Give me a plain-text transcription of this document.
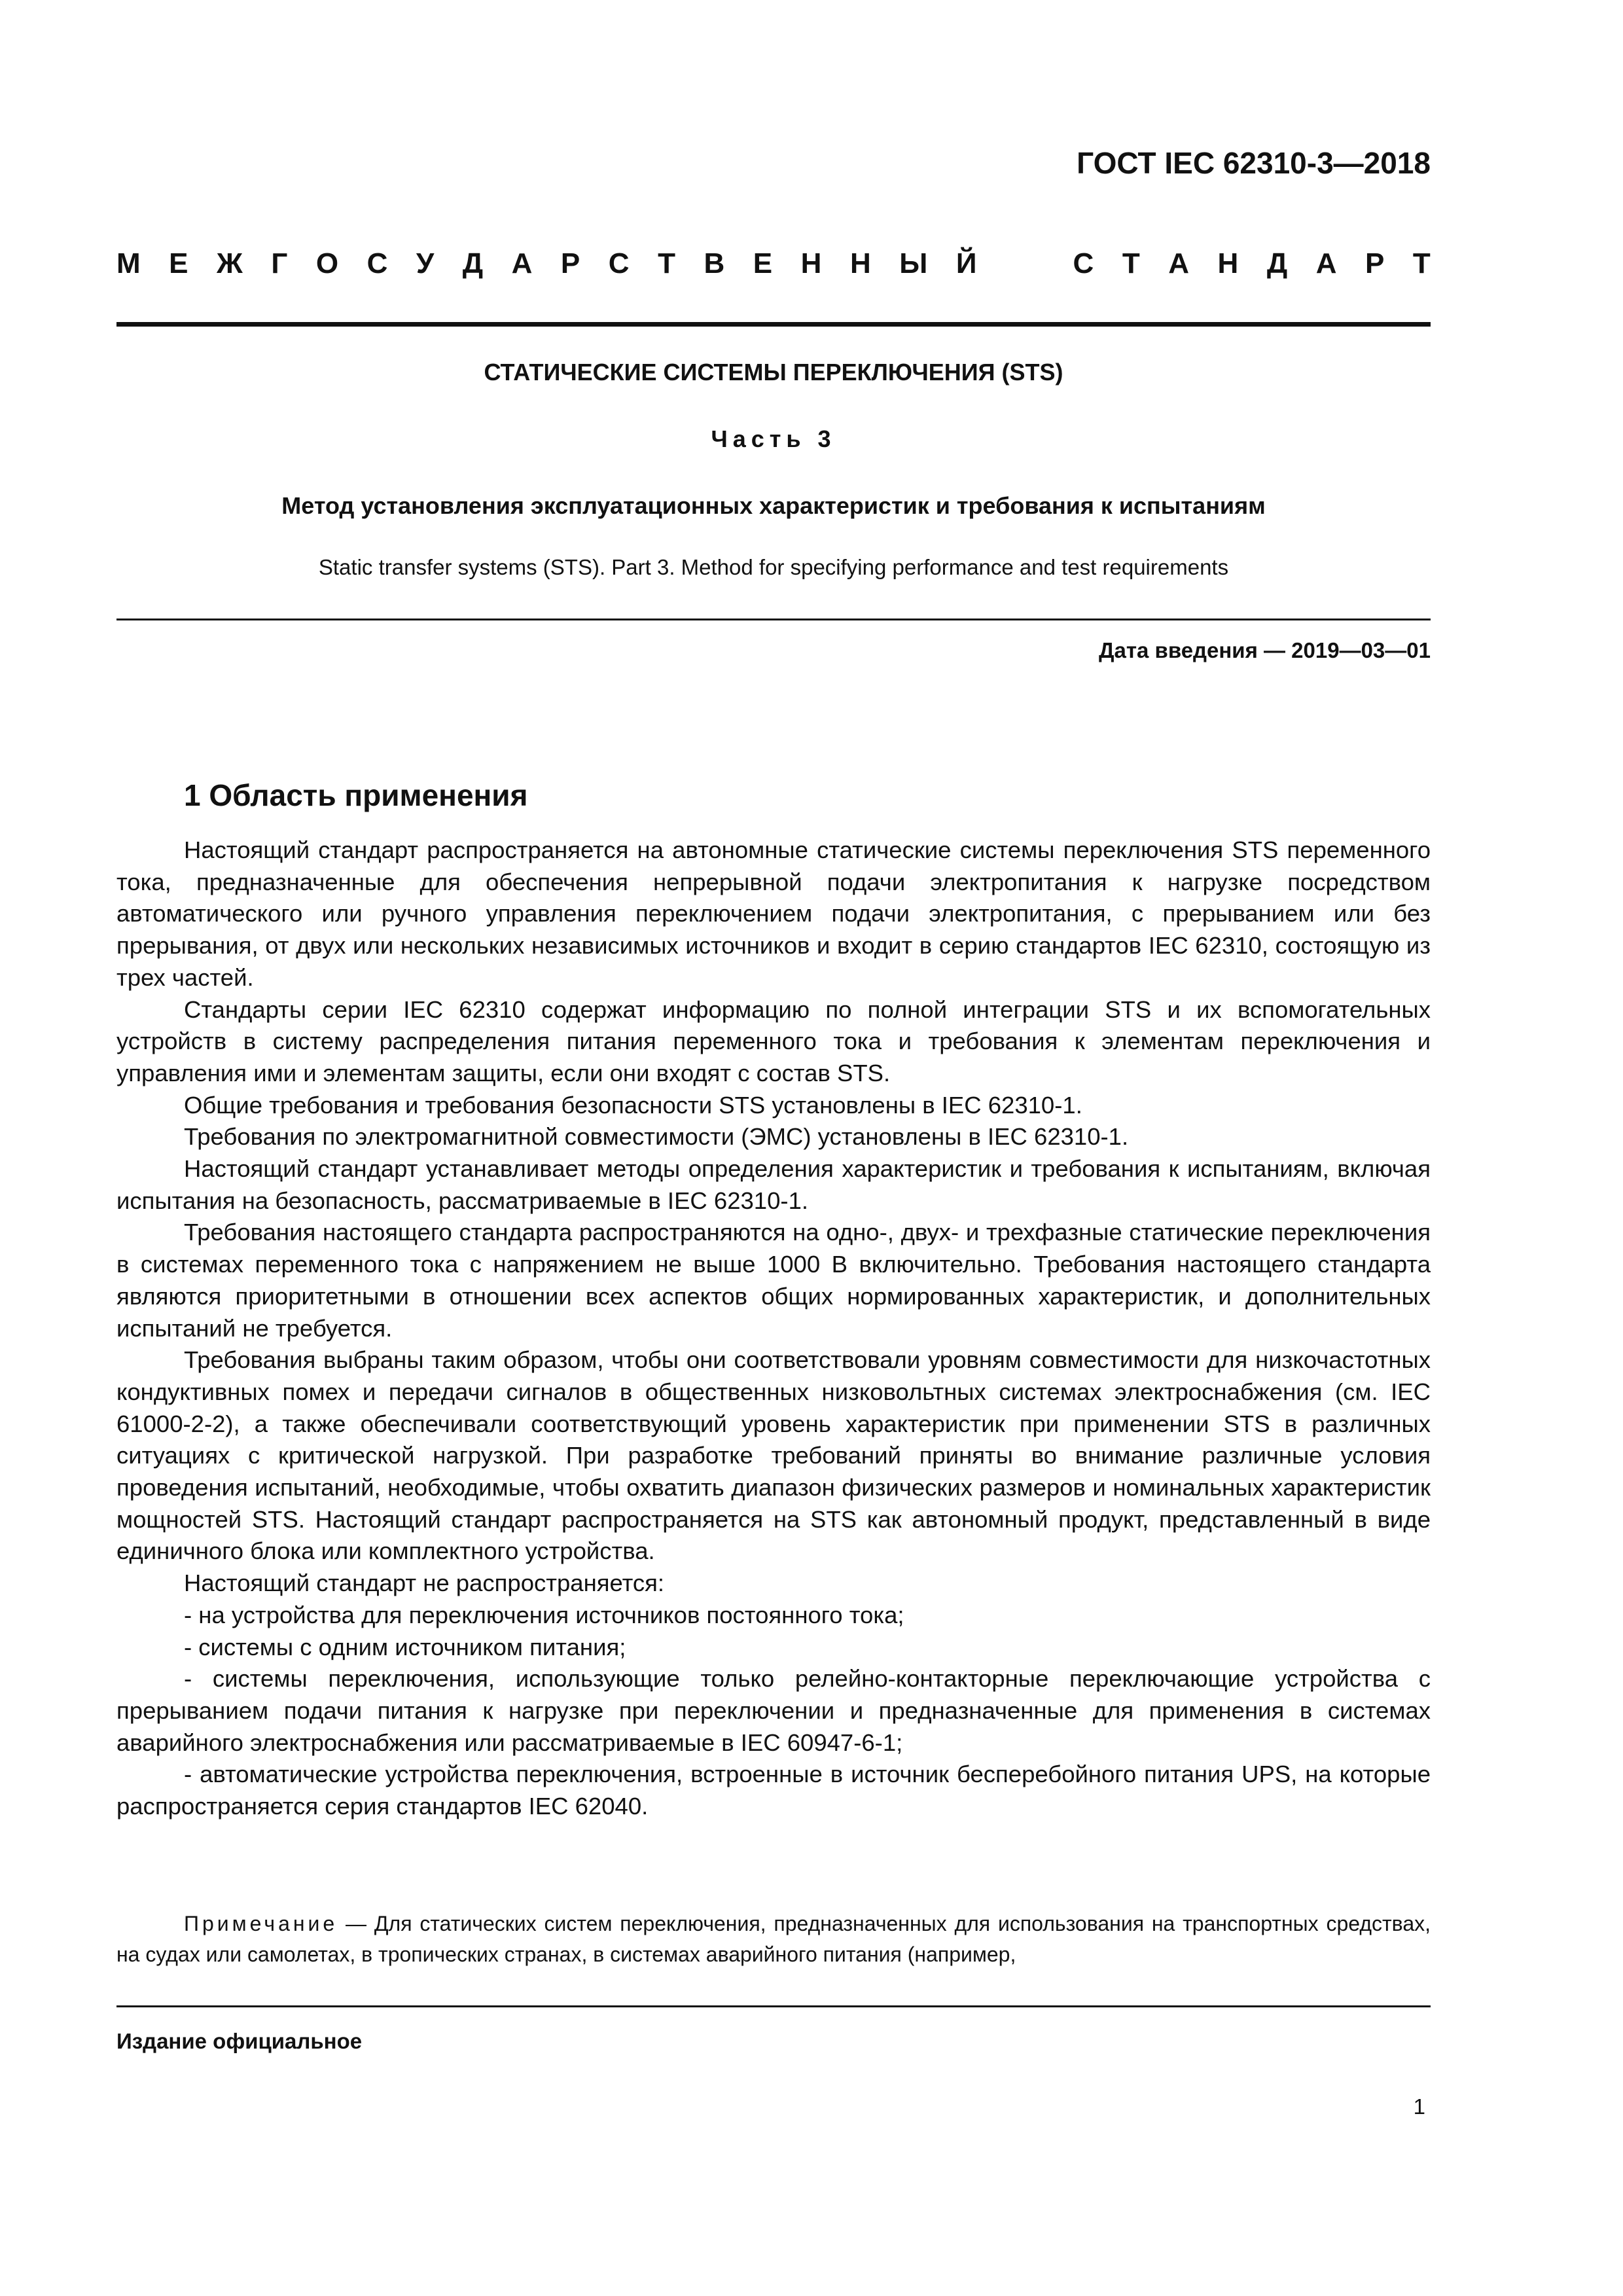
ГОСТ IEC 62310-3—2018
М Е Ж Г О С У Д А Р С Т В Е Н Н Ы Й	С Т А Н Д А Р Т
СТАТИЧЕСКИЕ СИСТЕМЫ ПЕРЕКЛЮЧЕНИЯ (STS)
Часть 3
Метод установления эксплуатационных характеристик и требования к испытаниям
Static transfer systems (STS). Part 3. Method for specifying performance and test requirements
Дата введения — 2019—03—01
1 Область применения

Настоящий стандарт распространяется на автономные статические системы переключения STS переменного тока, предназначенные для обеспечения непрерывной подачи электропитания к нагрузке посредством автоматического или ручного управления переключением подачи электропитания, с прерыванием или без прерывания, от двух или нескольких независимых источников и входит в серию стандартов IEC 62310, состоящую из трех частей.

Стандарты серии IEC 62310 содержат информацию по полной интеграции STS и их вспомогательных устройств в систему распределения питания переменного тока и требования к элементам переключения и управления ими и элементам защиты, если они входят с состав STS.

Общие требования и требования безопасности STS установлены в IEC 62310-1.

Требования по электромагнитной совместимости (ЭМС) установлены в IEC 62310-1.

Настоящий стандарт устанавливает методы определения характеристик и требования к испытаниям, включая испытания на безопасность, рассматриваемые в IEC 62310-1.

Требования настоящего стандарта распространяются на одно-, двух- и трехфазные статические переключения в системах переменного тока с напряжением не выше 1000 В включительно. Требования настоящего стандарта являются приоритетными в отношении всех аспектов общих нормированных характеристик, и дополнительных испытаний не требуется.

Требования выбраны таким образом, чтобы они соответствовали уровням совместимости для низкочастотных кондуктивных помех и передачи сигналов в общественных низковольтных системах электроснабжения (см. IEC 61000-2-2), а также обеспечивали соответствующий уровень характеристик при применении STS в различных ситуациях с критической нагрузкой. При разработке требований приняты во внимание различные условия проведения испытаний, необходимые, чтобы охватить диапазон физических размеров и номинальных характеристик мощностей STS. Настоящий стандарт распространяется на STS как автономный продукт, представленный в виде единичного блока или комплектного устройства.

Настоящий стандарт не распространяется:

- на устройства для переключения источников постоянного тока;

- системы с одним источником питания;

- системы переключения, использующие только релейно-контакторные переключающие устройства с прерыванием подачи питания к нагрузке при переключении и предназначенные для применения в системах аварийного электроснабжения или рассматриваемые в IEC 60947-6-1;

- автоматические устройства переключения, встроенные в источник бесперебойного питания UPS, на которые распространяется серия стандартов IEC 62040.

Примечание — Для статических систем переключения, предназначенных для использования на транспортных средствах, на судах или самолетах, в тропических странах, в системах аварийного питания (например,

Издание официальное
1
